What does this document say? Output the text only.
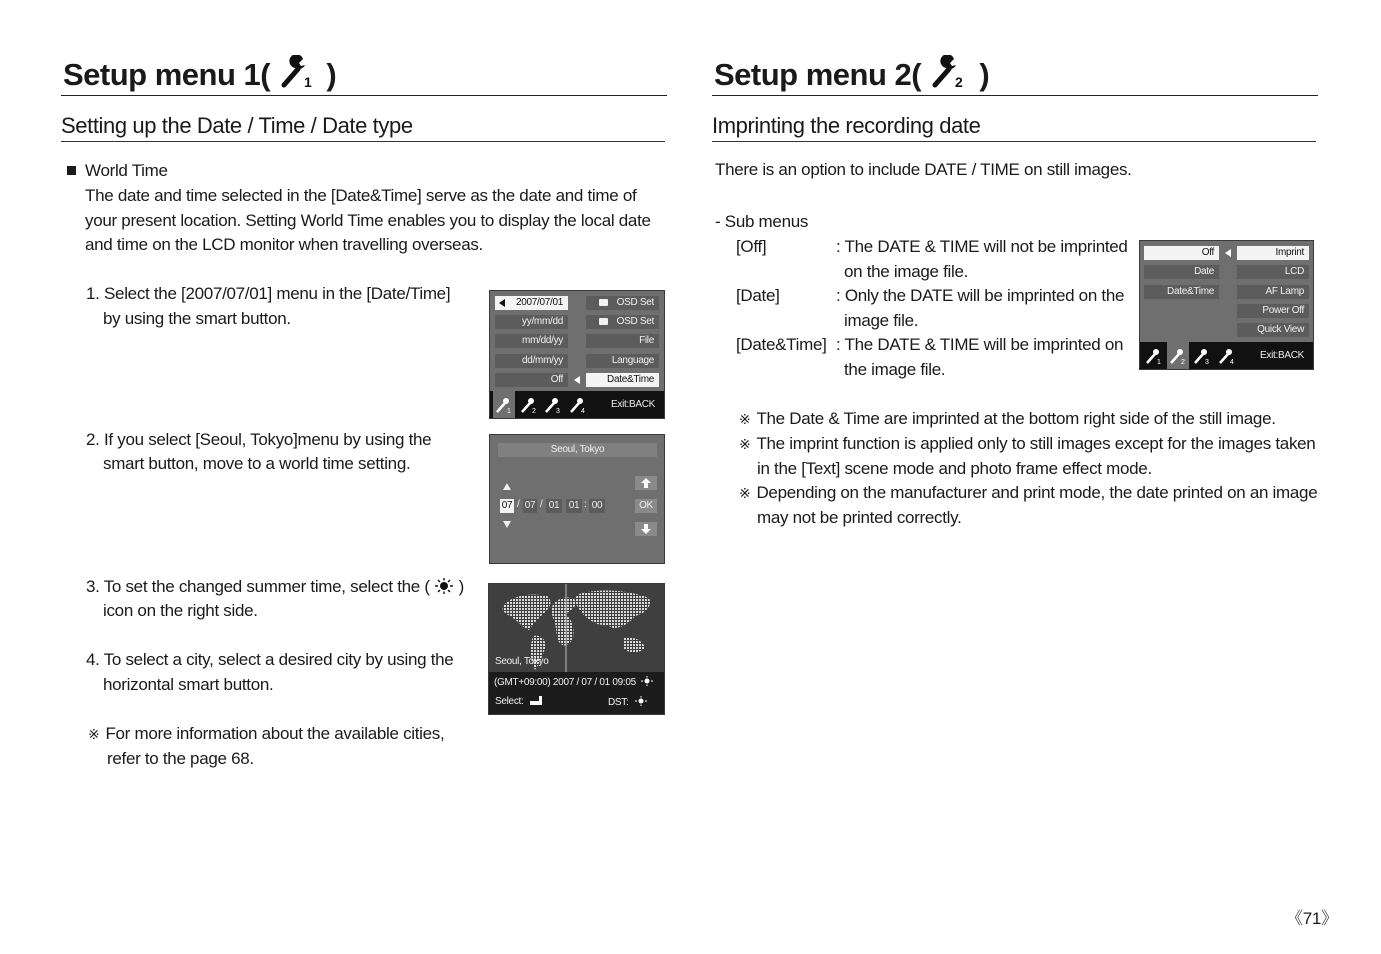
Setup menu 1( 1 )
Setting up the Date / Time / Date type
World Time
The date and time selected in the [Date&Time] serve as the date and time of
your present location. Setting World Time enables you to display the local date
and time on the LCD monitor when travelling overseas.
1. Select the [2007/07/01] menu in the [Date/Time]
by using the smart button.
2. If you select [Seoul, Tokyo]menu by using the
smart button, move to a world time setting.
3. To set the changed summer time, select the ( )
icon on the right side.
4. To select a city, select a desired city by using the
horizontal smart button.
※ For more information about the available cities,
refer to the page 68.
2007/07/01
yy/mm/dd
mm/dd/yy
dd/mm/yy
Off
OSD Set
OSD Set
File
Language
Date&Time
1	2	3	4
Exit:BACK
Seoul, Tokyo
07 / 07 / 01 01 : 00	OK
Seoul, Tokyo
(GMT+09:00) 2007 / 07 / 01 09:05
Select:	DST:
Setup menu 2( 2 )
Imprinting the recording date
There is an option to include DATE / TIME on still images.
- Sub menus
[Off]	: The DATE & TIME will not be imprinted
on the image file.
[Date]	: Only the DATE will be imprinted on the
image file.
[Date&Time] : The DATE & TIME will be imprinted on
the image file.
※ The Date & Time are imprinted at the bottom right side of the still image.
※ The imprint function is applied only to still images except for the images taken
in the [Text] scene mode and photo frame effect mode.
※ Depending on the manufacturer and print mode, the date printed on an image
may not be printed correctly.
Off
Date
Date&Time
Imprint
LCD
AF Lamp
Power Off
Quick View
1	2	3	4
Exit:BACK
《71》
